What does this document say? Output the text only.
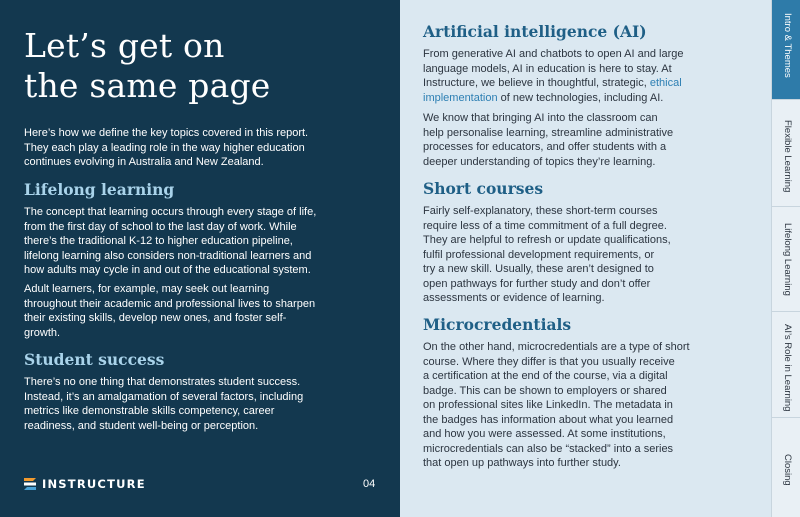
Let’s get on
the same page

Here’s how we define the key topics covered in this report.
They each play a leading role in the way higher education
continues evolving in Australia and New Zealand.

Lifelong learning

The concept that learning occurs through every stage of life,
from the first day of school to the last day of work. While
there’s the traditional K-12 to higher education pipeline,
lifelong learning also considers non-traditional learners and
how adults may cycle in and out of the educational system.

Adult learners, for example, may seek out learning
throughout their academic and professional lives to sharpen
their existing skills, develop new ones, and foster self-
growth.

Student success

There’s no one thing that demonstrates student success.
Instead, it’s an amalgamation of several factors, including
metrics like demonstrable skills competency, career
readiness, and student well-being or perception.

INSTRUCTURE	04
Artificial intelligence (AI)

From generative AI and chatbots to open AI and large
language models, AI in education is here to stay. At
Instructure, we believe in thoughtful, strategic, ethical
implementation of new technologies, including AI.

We know that bringing AI into the classroom can
help personalise learning, streamline administrative
processes for educators, and offer students with a
deeper understanding of topics they’re learning.

Short courses

Fairly self-explanatory, these short-term courses
require less of a time commitment of a full degree.
They are helpful to refresh or update qualifications,
fulfil professional development requirements, or
try a new skill. Usually, these aren’t designed to
open pathways for further study and don’t offer
assessments or evidence of learning.

Microcredentials

On the other hand, microcredentials are a type of short
course. Where they differ is that you usually receive
a certification at the end of the course, via a digital
badge. This can be shown to employers or shared
on professional sites like LinkedIn. The metadata in
the badges has information about what you learned
and how you were assessed. At some institutions,
microcredentials can also be “stacked” into a series
that open up pathways into further study.

Intro & Themes
Flexible Learning
Lifelong Learning
AI’s Role in Learning
Closing
